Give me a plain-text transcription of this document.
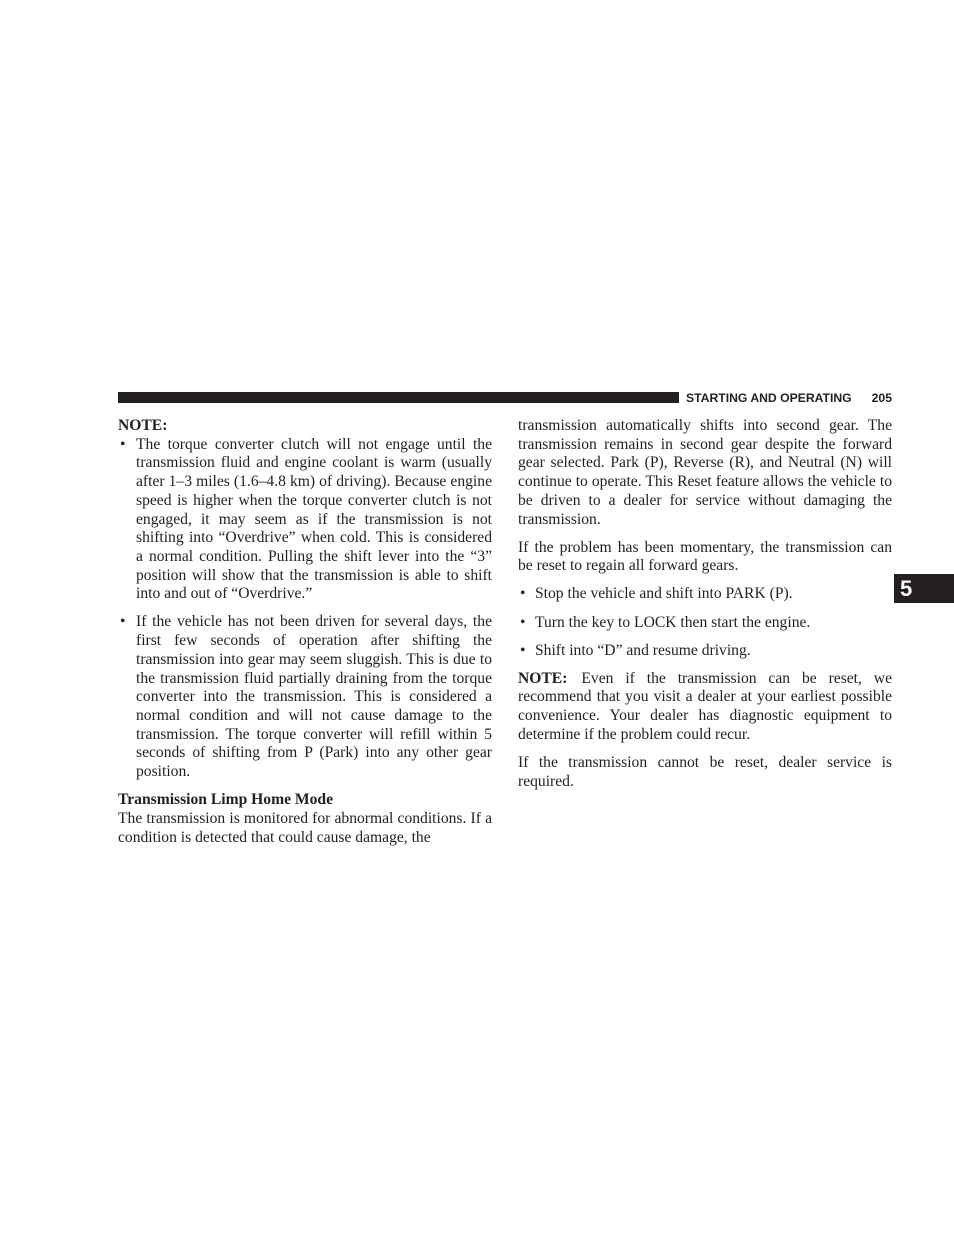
STARTING AND OPERATING 205

NOTE:

• The torque converter clutch will not engage until the transmission fluid and engine coolant is warm (usually after 1–3 miles (1.6–4.8 km) of driving). Because engine speed is higher when the torque converter clutch is not engaged, it may seem as if the transmission is not shifting into “Overdrive” when cold. This is considered a normal condition. Pulling the shift lever into the “3” position will show that the transmission is able to shift into and out of “Overdrive.”
• If the vehicle has not been driven for several days, the first few seconds of operation after shifting the transmission into gear may seem sluggish. This is due to the transmission fluid partially draining from the torque converter into the transmission. This is considered a normal condition and will not cause damage to the transmission. The torque converter will refill within 5 seconds of shifting from P (Park) into any other gear position.

Transmission Limp Home Mode

The transmission is monitored for abnormal conditions. If a condition is detected that could cause damage, the

transmission automatically shifts into second gear. The transmission remains in second gear despite the forward gear selected. Park (P), Reverse (R), and Neutral (N) will continue to operate. This Reset feature allows the vehicle to be driven to a dealer for service without damaging the transmission.

If the problem has been momentary, the transmission can be reset to regain all forward gears.

• Stop the vehicle and shift into PARK (P).
• Turn the key to LOCK then start the engine.
• Shift into “D” and resume driving.

NOTE: Even if the transmission can be reset, we recommend that you visit a dealer at your earliest possible convenience. Your dealer has diagnostic equipment to determine if the problem could recur.

If the transmission cannot be reset, dealer service is required.

5
